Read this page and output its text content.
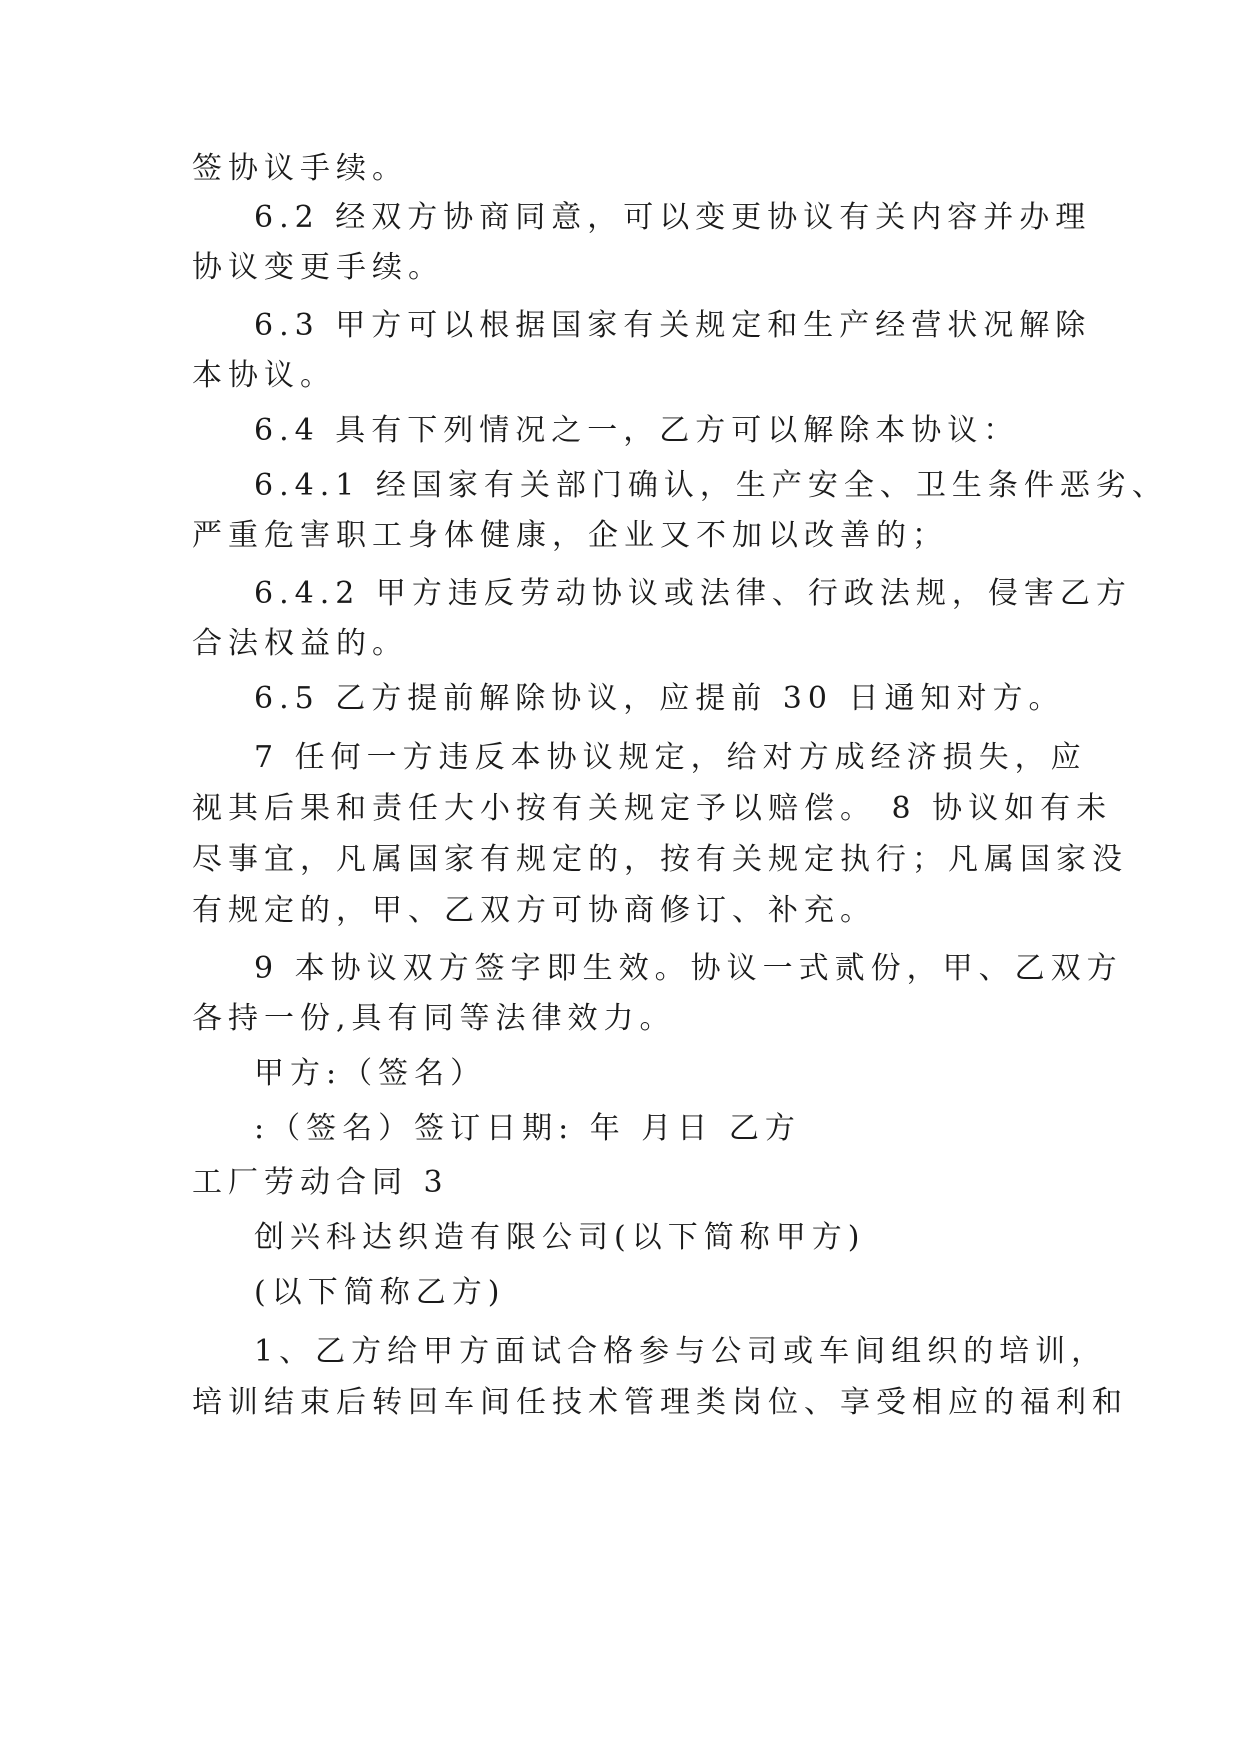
签协议手续。
6.2 经双方协商同意，可以变更协议有关内容并办理
协议变更手续。
6.3 甲方可以根据国家有关规定和生产经营状况解除
本协议。
6.4 具有下列情况之一，乙方可以解除本协议：
6.4.1 经国家有关部门确认，生产安全、卫生条件恶劣、
严重危害职工身体健康，企业又不加以改善的；
6.4.2 甲方违反劳动协议或法律、行政法规，侵害乙方
合法权益的。
6.5 乙方提前解除协议，应提前 30 日通知对方。
7 任何一方违反本协议规定，给对方成经济损失，应
视其后果和责任大小按有关规定予以赔偿。 8 协议如有未
尽事宜，凡属国家有规定的，按有关规定执行；凡属国家没
有规定的，甲、乙双方可协商修订、补充。
9 本协议双方签字即生效。协议一式贰份，甲、乙双方
各持一份,具有同等法律效力。
甲方:（签名）
:（签名）签订日期: 年 月日 乙方
工厂劳动合同 3
创兴科达织造有限公司(以下简称甲方)
(以下简称乙方)
1、乙方给甲方面试合格参与公司或车间组织的培训，
培训结束后转回车间任技术管理类岗位、享受相应的福利和
